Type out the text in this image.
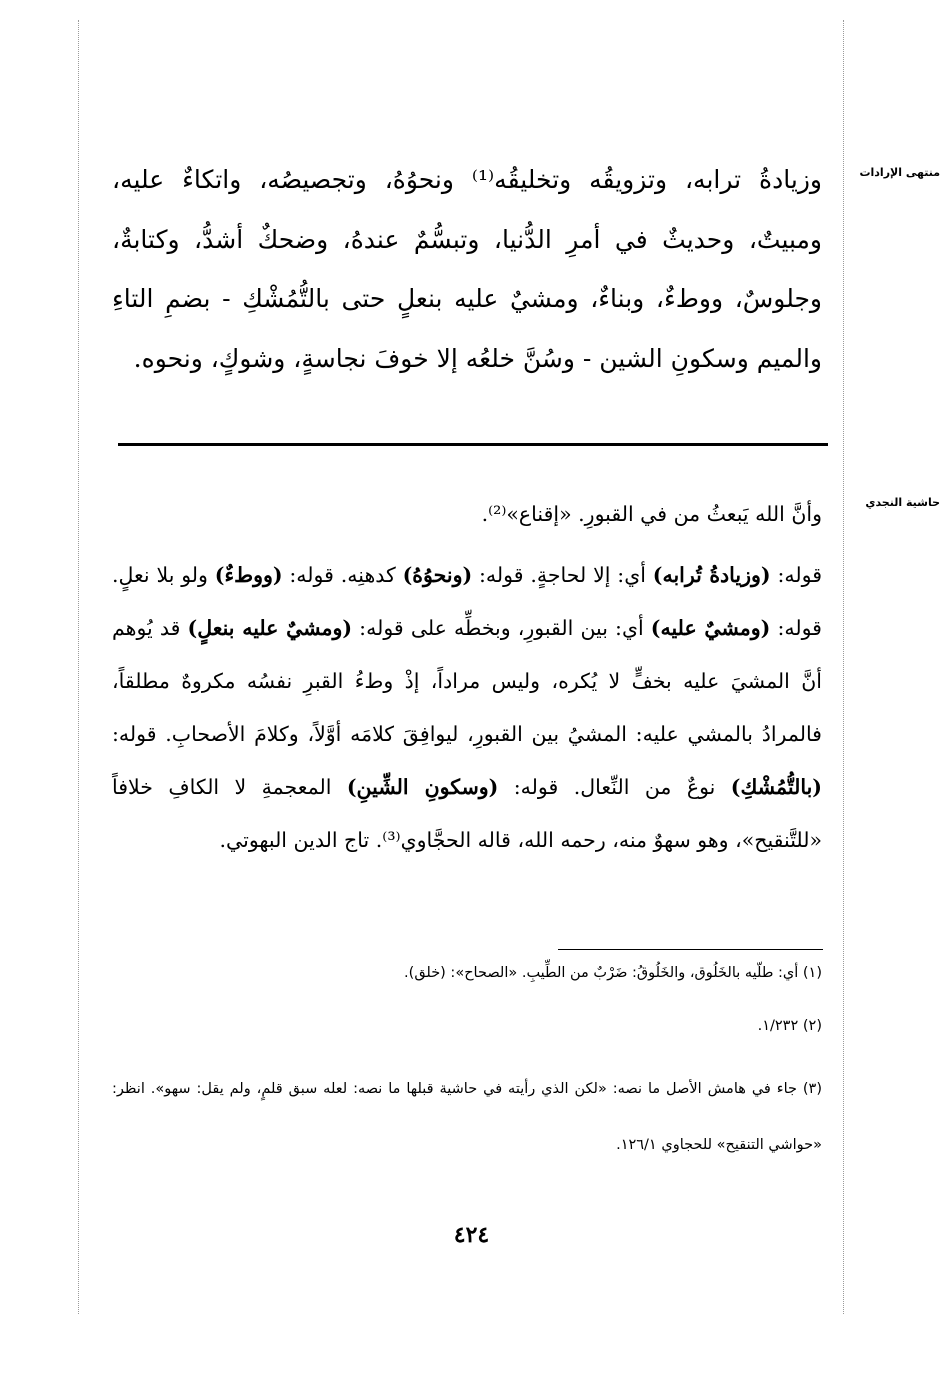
منتهى الإرادات
وزيادةُ ترابه، وتزويقُه وتخليقُه⁽¹⁾ ونحوُهُ، وتجصيصُه، واتكاءٌ عليه، ومبيتٌ، وحديثٌ في أمرِ الدُّنيا، وتبسُّمٌ عندهُ، وضحكٌ أشدُّ، وكتابةٌ، وجلوسٌ، ووطءٌ، وبناءٌ، ومشيٌ عليه بنعلٍ حتى بالتُّمُشْكِ - بضمِ التاءِ والميم وسكونِ الشين - وسُنَّ خلعُه إلا خوفَ نجاسةٍ، وشوكٍ، ونحوه.
حاشية النجدي

وأنَّ الله يَبعثُ من في القبورِ. «إقناع»⁽²⁾.

قوله: (وزيادةُ تُرابه) أي: إلا لحاجةٍ. قوله: (ونحوُهُ) كدهنِه. قوله: (ووطءٌ) ولو بلا نعلٍ. قوله: (ومشيٌ عليه) أي: بين القبورِ، وبخطِّه على قوله: (ومشيٌ عليه بنعلٍ) قد يُوهم أنَّ المشيَ عليه بخفٍّ لا يُكره، وليس مراداً، إذْ وطءُ القبرِ نفسُه مكروهٌ مطلقاً، فالمرادُ بالمشي عليه: المشيُ بين القبورِ، ليوافِقَ كلامَه أوَّلاً، وكلامَ الأصحابِ. قوله: (بالتُّمُشْكِ) نوعٌ من النِّعال. قوله: (وسكونِ الشِّينِ) المعجمةِ لا الكافِ خلافاً «للتَّنقيح»، وهو سهوٌ منه، رحمه الله، قاله الحجَّاوي⁽³⁾. تاج الدين البهوتي.

(١) أي: طلّيه بالخَلُوق، والخَلُوقُ: ضَرْبٌ من الطِّيبِ. «الصحاح»: (خلق).

(٢) ١/٢٣٢.

(٣) جاء في هامش الأصل ما نصه: «لكن الذي رأيته في حاشية قبلها ما نصه: لعله سبق قلمٍ، ولم يقل: سهو». انظر: «حواشي التنقيح» للحجاوي ١٢٦/١.

٤٢٤
